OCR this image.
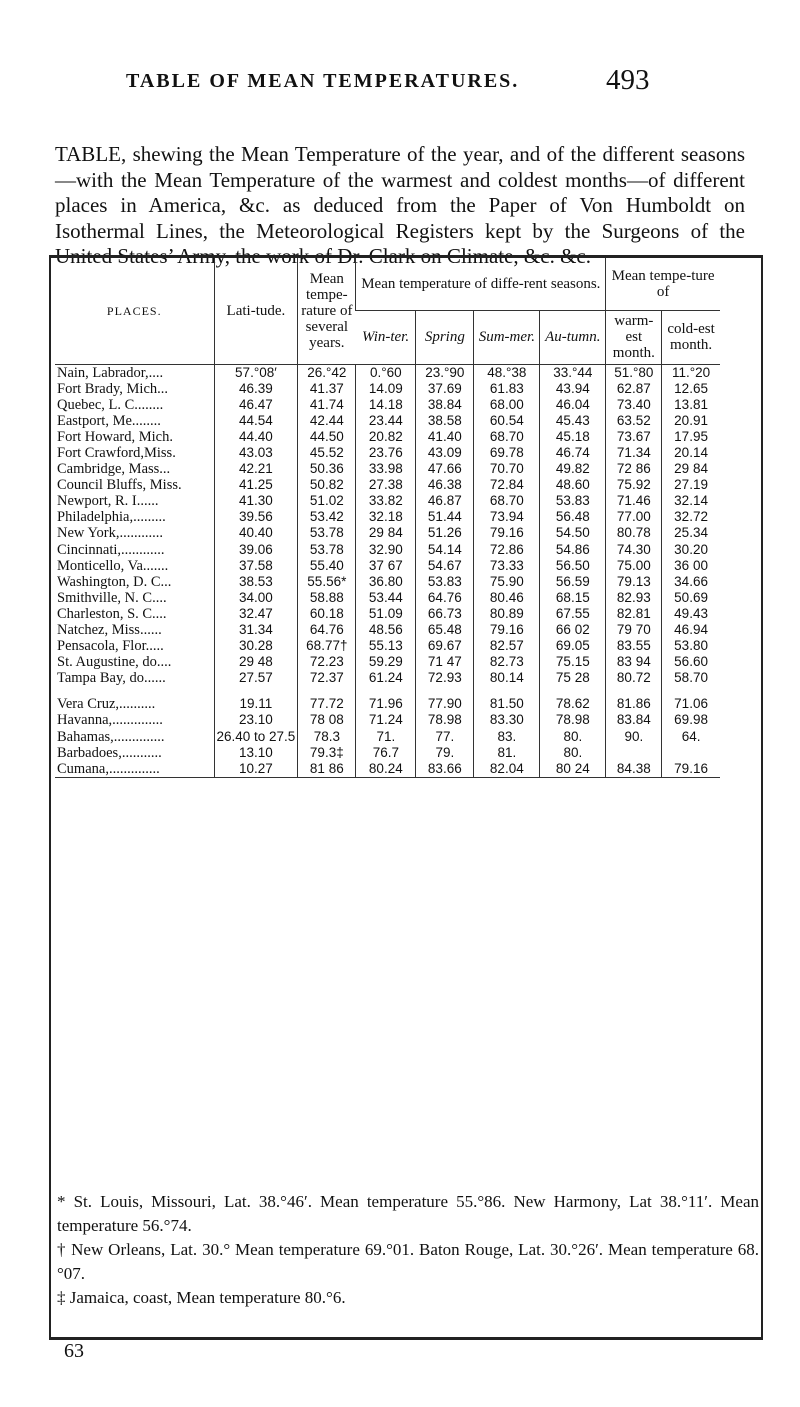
TABLE OF MEAN TEMPERATURES.	493

TABLE, shewing the Mean Temperature of the year, and of the different seasons—with the Mean Temperature of the warmest and coldest months—of different places in America, &c. as deduced from the Paper of Von Humboldt on Isothermal Lines, the Meteorological Registers kept by the Surgeons of the United States’ Army, the work of Dr. Clark on Climate, &c. &c.

PLACES.	Lati-tude.	Mean tempe-rature of several years.	Mean temperature of diffe-rent seasons.				Mean tempe-ture of	
			Win-ter.	Spring	Sum-mer.	Au-tumn.	warm-est month.	cold-est month.
Nain, Labrador,....	57.°08′	26.°42	0.°60	23.°90	48.°38	33.°44	51.°80	11.°20
Fort Brady, Mich...	46.39	41.37	14.09	37.69	61.83	43.94	62.87	12.65
Quebec, L. C........	46.47	41.74	14.18	38.84	68.00	46.04	73.40	13.81
Eastport, Me........	44.54	42.44	23.44	38.58	60.54	45.43	63.52	20.91
Fort Howard, Mich.	44.40	44.50	20.82	41.40	68.70	45.18	73.67	17.95
Fort Crawford,Miss.	43.03	45.52	23.76	43.09	69.78	46.74	71.34	20.14
Cambridge, Mass...	42.21	50.36	33.98	47.66	70.70	49.82	72 86	29 84
Council Bluffs, Miss.	41.25	50.82	27.38	46.38	72.84	48.60	75.92	27.19
Newport, R. I......	41.30	51.02	33.82	46.87	68.70	53.83	71.46	32.14
Philadelphia,.........	39.56	53.42	32.18	51.44	73.94	56.48	77.00	32.72
New York,............	40.40	53.78	29 84	51.26	79.16	54.50	80.78	25.34
Cincinnati,............	39.06	53.78	32.90	54.14	72.86	54.86	74.30	30.20
Monticello, Va.......	37.58	55.40	37 67	54.67	73.33	56.50	75.00	36 00
Washington, D. C...	38.53	55.56*	36.80	53.83	75.90	56.59	79.13	34.66
Smithville, N. C....	34.00	58.88	53.44	64.76	80.46	68.15	82.93	50.69
Charleston, S. C....	32.47	60.18	51.09	66.73	80.89	67.55	82.81	49.43
Natchez, Miss......	31.34	64.76	48.56	65.48	79.16	66 02	79 70	46.94
Pensacola, Flor.....	30.28	68.77†	55.13	69.67	82.57	69.05	83.55	53.80
St. Augustine, do....	29 48	72.23	59.29	71 47	82.73	75.15	83 94	56.60
Tampa Bay, do......	27.57	72.37	61.24	72.93	80.14	75 28	80.72	58.70

Vera Cruz,..........	19.11	77.72	71.96	77.90	81.50	78.62	81.86	71.06
Havanna,..............	23.10	78 08	71.24	78.98	83.30	78.98	83.84	69.98
Bahamas,..............	26.40 to 27.5	78.3	71.	77.	83.	80.	90.	64.
Barbadoes,...........	13.10	79.3‡	76.7	79.	81.	80.		
Cumana,..............	10.27	81 86	80.24	83.66	82.04	80 24	84.38	79.16

* St. Louis, Missouri, Lat. 38.°46′. Mean temperature 55.°86. New Harmony, Lat 38.°11′. Mean temperature 56.°74.

† New Orleans, Lat. 30.° Mean temperature 69.°01. Baton Rouge, Lat. 30.°26′. Mean temperature 68.°07.

‡ Jamaica, coast, Mean temperature 80.°6.

63
